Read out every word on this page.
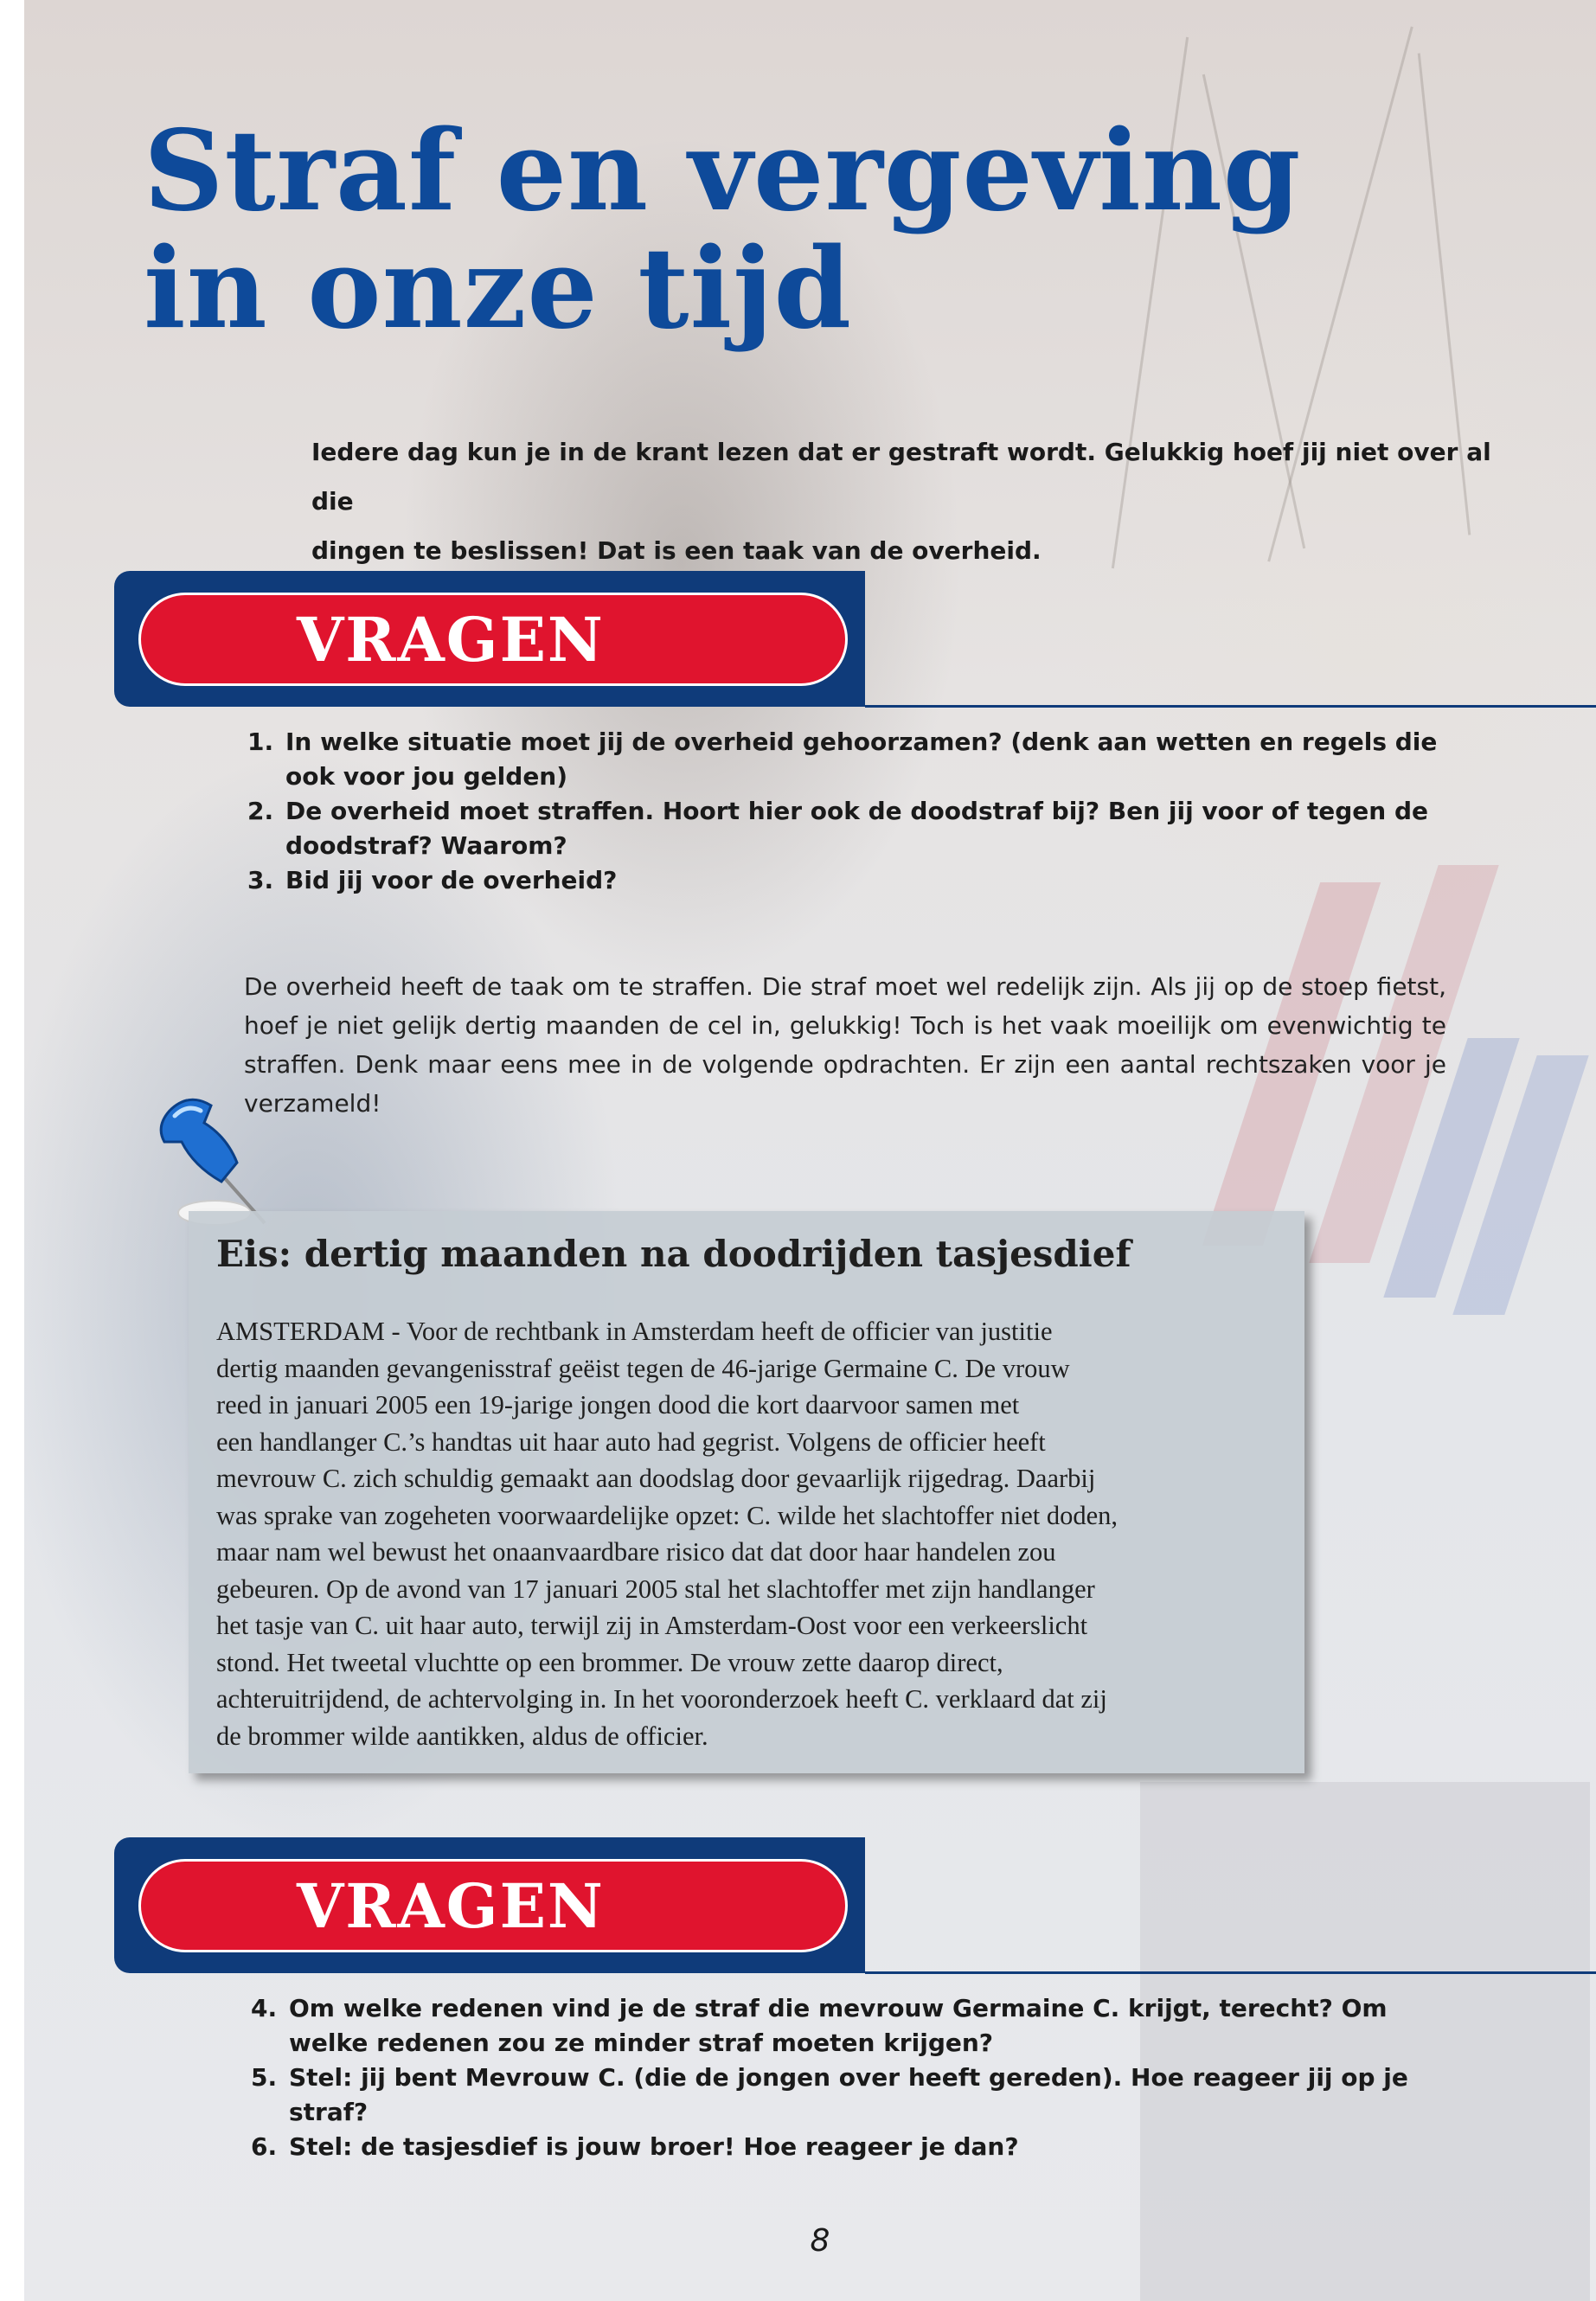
Straf en vergeving
in onze tijd

Iedere dag kun je in de krant lezen dat er gestraft wordt. Gelukkig hoef jij niet over al die
dingen te beslissen! Dat is een taak van de overheid.

VRAGEN
1. In welke situatie moet jij de overheid gehoorzamen? (denk aan wetten en regels die ook voor jou gelden)
2. De overheid moet straffen. Hoort hier ook de doodstraf bij? Ben jij voor of tegen de doodstraf? Waarom?
3. Bid jij voor de overheid?

De overheid heeft de taak om te straffen. Die straf moet wel redelijk zijn. Als jij op de stoep fietst, hoef je niet gelijk dertig maanden de cel in, gelukkig! Toch is het vaak moeilijk om evenwichtig te straffen. Denk maar eens mee in de volgende opdrachten. Er zijn een aantal rechtszaken voor je verzameld!

Eis: dertig maanden na doodrijden tasjesdief

AMSTERDAM - Voor de rechtbank in Amsterdam heeft de officier van justitie
dertig maanden gevangenisstraf geëist tegen de 46-jarige Germaine C. De vrouw
reed in januari 2005 een 19-jarige jongen dood die kort daarvoor samen met
een handlanger C.’s handtas uit haar auto had gegrist. Volgens de officier heeft
mevrouw C. zich schuldig gemaakt aan doodslag door gevaarlijk rijgedrag. Daarbij
was sprake van zogeheten voorwaardelijke opzet: C. wilde het slachtoffer niet doden,
maar nam wel bewust het onaanvaardbare risico dat dat door haar handelen zou
gebeuren. Op de avond van 17 januari 2005 stal het slachtoffer met zijn handlanger
het tasje van C. uit haar auto, terwijl zij in Amsterdam-Oost voor een verkeerslicht
stond. Het tweetal vluchtte op een brommer. De vrouw zette daarop direct,
achteruitrijdend, de achtervolging in. In het vooronderzoek heeft C. verklaard dat zij
de brommer wilde aantikken, aldus de officier.

VRAGEN
4. Om welke redenen vind je de straf die mevrouw Germaine C. krijgt, terecht? Om welke redenen zou ze minder straf moeten krijgen?
5. Stel: jij bent Mevrouw C. (die de jongen over heeft gereden). Hoe reageer jij op je straf?
6. Stel: de tasjesdief is jouw broer! Hoe reageer je dan?
8
